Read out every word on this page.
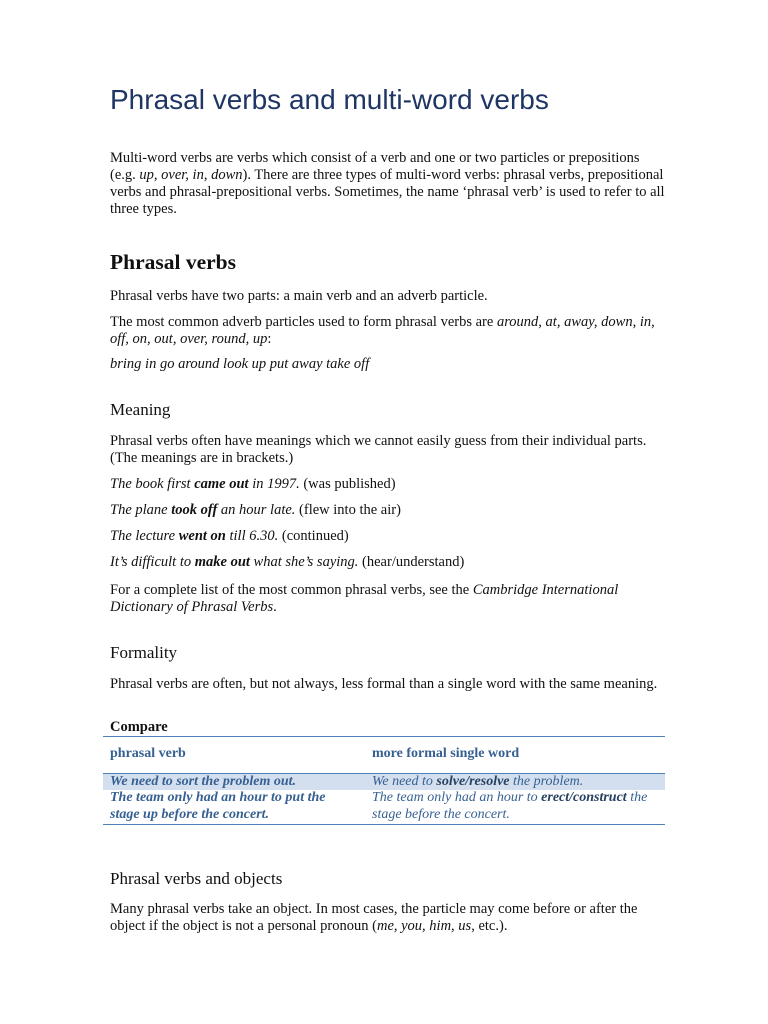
Phrasal verbs and multi-word verbs

Multi-word verbs are verbs which consist of a verb and one or two particles or prepositions (e.g. up, over, in, down). There are three types of multi-word verbs: phrasal verbs, prepositional verbs and phrasal-prepositional verbs. Sometimes, the name ‘phrasal verb’ is used to refer to all three types.

Phrasal verbs

Phrasal verbs have two parts: a main verb and an adverb particle.

The most common adverb particles used to form phrasal verbs are around, at, away, down, in, off, on, out, over, round, up:

bring in go around look up put away take off

Meaning

Phrasal verbs often have meanings which we cannot easily guess from their individual parts. (The meanings are in brackets.)

The book first came out in 1997. (was published)

The plane took off an hour late. (flew into the air)

The lecture went on till 6.30. (continued)

It’s difficult to make out what she’s saying. (hear/understand)

For a complete list of the most common phrasal verbs, see the Cambridge International Dictionary of Phrasal Verbs.

Formality

Phrasal verbs are often, but not always, less formal than a single word with the same meaning.

Compare

phrasal verb	more formal single word
We need to sort the problem out.	We need to solve/resolve the problem.
The team only had an hour to put the stage up before the concert.	The team only had an hour to erect/construct the stage before the concert.
Phrasal verbs and objects

Many phrasal verbs take an object. In most cases, the particle may come before or after the object if the object is not a personal pronoun (me, you, him, us, etc.).
